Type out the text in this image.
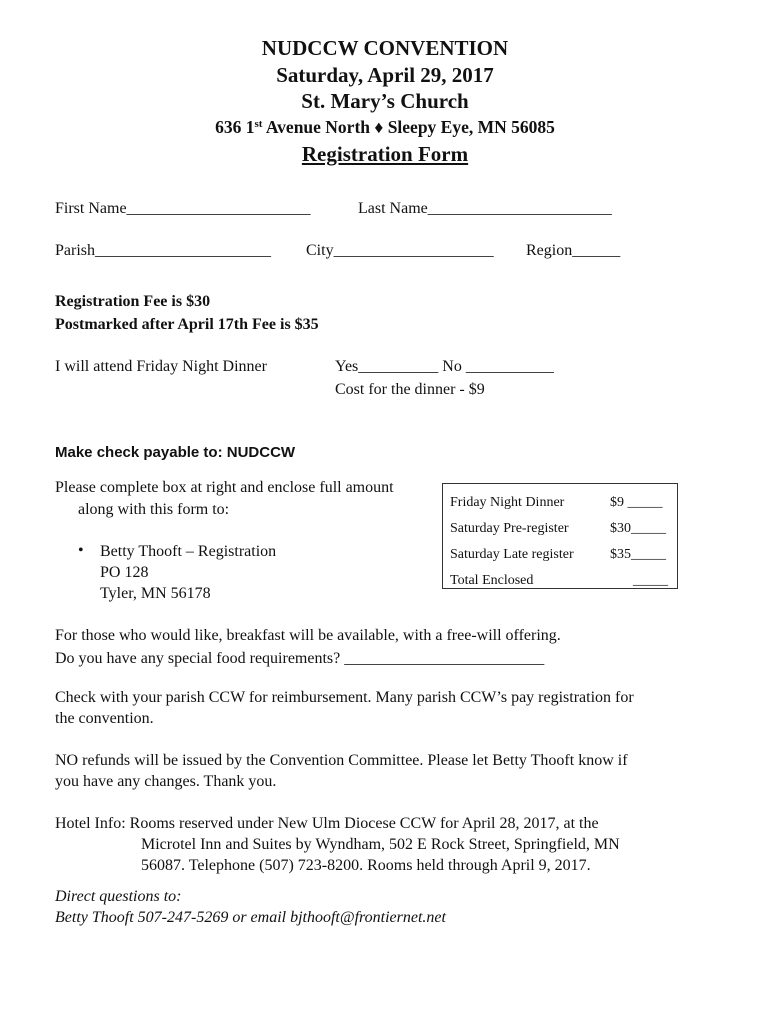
NUDCCW CONVENTION
Saturday, April 29, 2017
St. Mary’s Church
636 1st Avenue North ♦ Sleepy Eye, MN 56085
Registration Form
First Name_______________________	Last Name_______________________
Parish______________________ City____________________ Region______
Registration Fee is $30
Postmarked after April 17th Fee is $35
I will attend Friday Night Dinner	Yes__________ No ___________
Cost for the dinner - $9
Make check payable to: NUDCCW
Please complete box at right and enclose full amount
along with this form to:
• Betty Thooft – Registration
PO 128
Tyler, MN 56178
Friday Night Dinner	$9 _____
Saturday Pre-register	$30_____
Saturday Late register	$35_____
Total Enclosed	_____
For those who would like, breakfast will be available, with a free-will offering.
Do you have any special food requirements? _________________________
Check with your parish CCW for reimbursement. Many parish CCW’s pay registration for
the convention.
NO refunds will be issued by the Convention Committee. Please let Betty Thooft know if
you have any changes. Thank you.
Hotel Info: Rooms reserved under New Ulm Diocese CCW for April 28, 2017, at the
Microtel Inn and Suites by Wyndham, 502 E Rock Street, Springfield, MN
56087. Telephone (507) 723-8200. Rooms held through April 9, 2017.
Direct questions to:
Betty Thooft 507-247-5269 or email bjthooft@frontiernet.net
